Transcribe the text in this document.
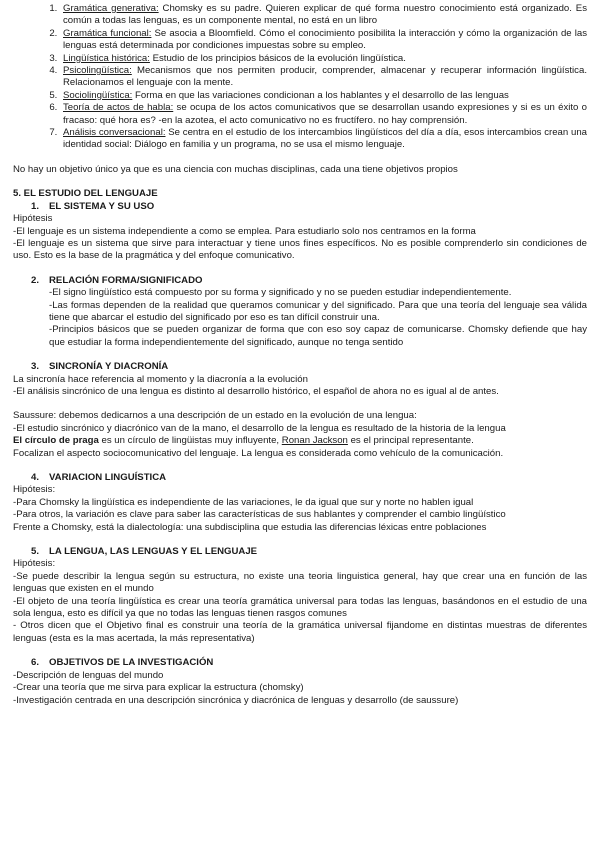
1. Gramática generativa: Chomsky es su padre. Quieren explicar de qué forma nuestro conocimiento está organizado. Es común a todas las lenguas, es un componente mental, no está en un libro
2. Gramática funcional: Se asocia a Bloomfield. Cómo el conocimiento posibilita la interacción y cómo la organización de las lenguas está determinada por condiciones impuestas sobre su empleo.
3. Lingüística histórica: Estudio de los principios básicos de la evolución lingüística.
4. Psicolingüística: Mecanismos que nos permiten producir, comprender, almacenar y recuperar información lingüística. Relacionamos el lenguaje con la mente.
5. Sociolingüística: Forma en que las variaciones condicionan a los hablantes y el desarrollo de las lenguas
6. Teoría de actos de habla: se ocupa de los actos comunicativos que se desarrollan usando expresiones y si es un éxito o fracaso: qué hora es? -en la azotea, el acto comunicativo no es fructífero. no hay comprensión.
7. Análisis conversacional: Se centra en el estudio de los intercambios lingüísticos del día a día, esos intercambios crean una identidad social: Diálogo en familia y un programa, no se usa el mismo lenguaje.

No hay un objetivo único ya que es una ciencia con muchas disciplinas, cada una tiene objetivos propios

5. EL ESTUDIO DEL LENGUAJE

1. EL SISTEMA Y SU USO

Hipótesis

-El lenguaje es un sistema independiente a como se emplea. Para estudiarlo solo nos centramos en la forma

-El lenguaje es un sistema que sirve para interactuar y tiene unos fines específicos. No es posible comprenderlo sin condiciones de uso. Esto es la base de la pragmática y del enfoque comunicativo.

2. RELACIÓN FORMA/SIGNIFICADO

-El signo lingüístico está compuesto por su forma y significado y no se pueden estudiar independientemente.

-Las formas dependen de la realidad que queramos comunicar y del significado. Para que una teoría del lenguaje sea válida tiene que abarcar el estudio del significado por eso es tan difícil construir una.

-Principios básicos que se pueden organizar de forma que con eso soy capaz de comunicarse. Chomsky defiende que hay que estudiar la forma independientemente del significado, aunque no tenga sentido

3. SINCRONÍA Y DIACRONÍA

La sincronía hace referencia al momento y la diacronía a la evolución

-El análisis sincrónico de una lengua es distinto al desarrollo histórico, el español de ahora no es igual al de antes.

Saussure: debemos dedicarnos a una descripción de un estado en la evolución de una lengua:

-El estudio sincrónico y diacrónico van de la mano, el desarrollo de la lengua es resultado de la historia de la lengua

El círculo de praga es un círculo de lingüistas muy influyente, Ronan Jackson es el principal representante.

Focalizan el aspecto sociocomunicativo del lenguaje. La lengua es considerada como vehículo de la comunicación.

4. VARIACION LINGUÍSTICA

Hipótesis:

-Para Chomsky la lingüística es independiente de las variaciones, le da igual que sur y norte no hablen igual

-Para otros, la variación es clave para saber las características de sus hablantes y comprender el cambio lingüístico

Frente a Chomsky, está la dialectología: una subdisciplina que estudia las diferencias léxicas entre poblaciones

5. LA LENGUA, LAS LENGUAS Y EL LENGUAJE

Hipótesis:

-Se puede describir la lengua según su estructura, no existe una teoria linguistica general, hay que crear una en función de las lenguas que existen en el mundo

-El objeto de una teoría lingüística es crear una teoría gramática universal para todas las lenguas, basándonos en el estudio de una sola lengua, esto es difícil ya que no todas las lenguas tienen rasgos comunes

- Otros dicen que el Objetivo final es construir una teoría de la gramática universal fijandome en distintas muestras de diferentes lenguas (esta es la mas acertada, la más representativa)

6. OBJETIVOS DE LA INVESTIGACIÓN

-Descripción de lenguas del mundo

-Crear una teoría que me sirva para explicar la estructura (chomsky)

-Investigación centrada en una descripción sincrónica y diacrónica de lenguas y desarrollo (de saussure)
